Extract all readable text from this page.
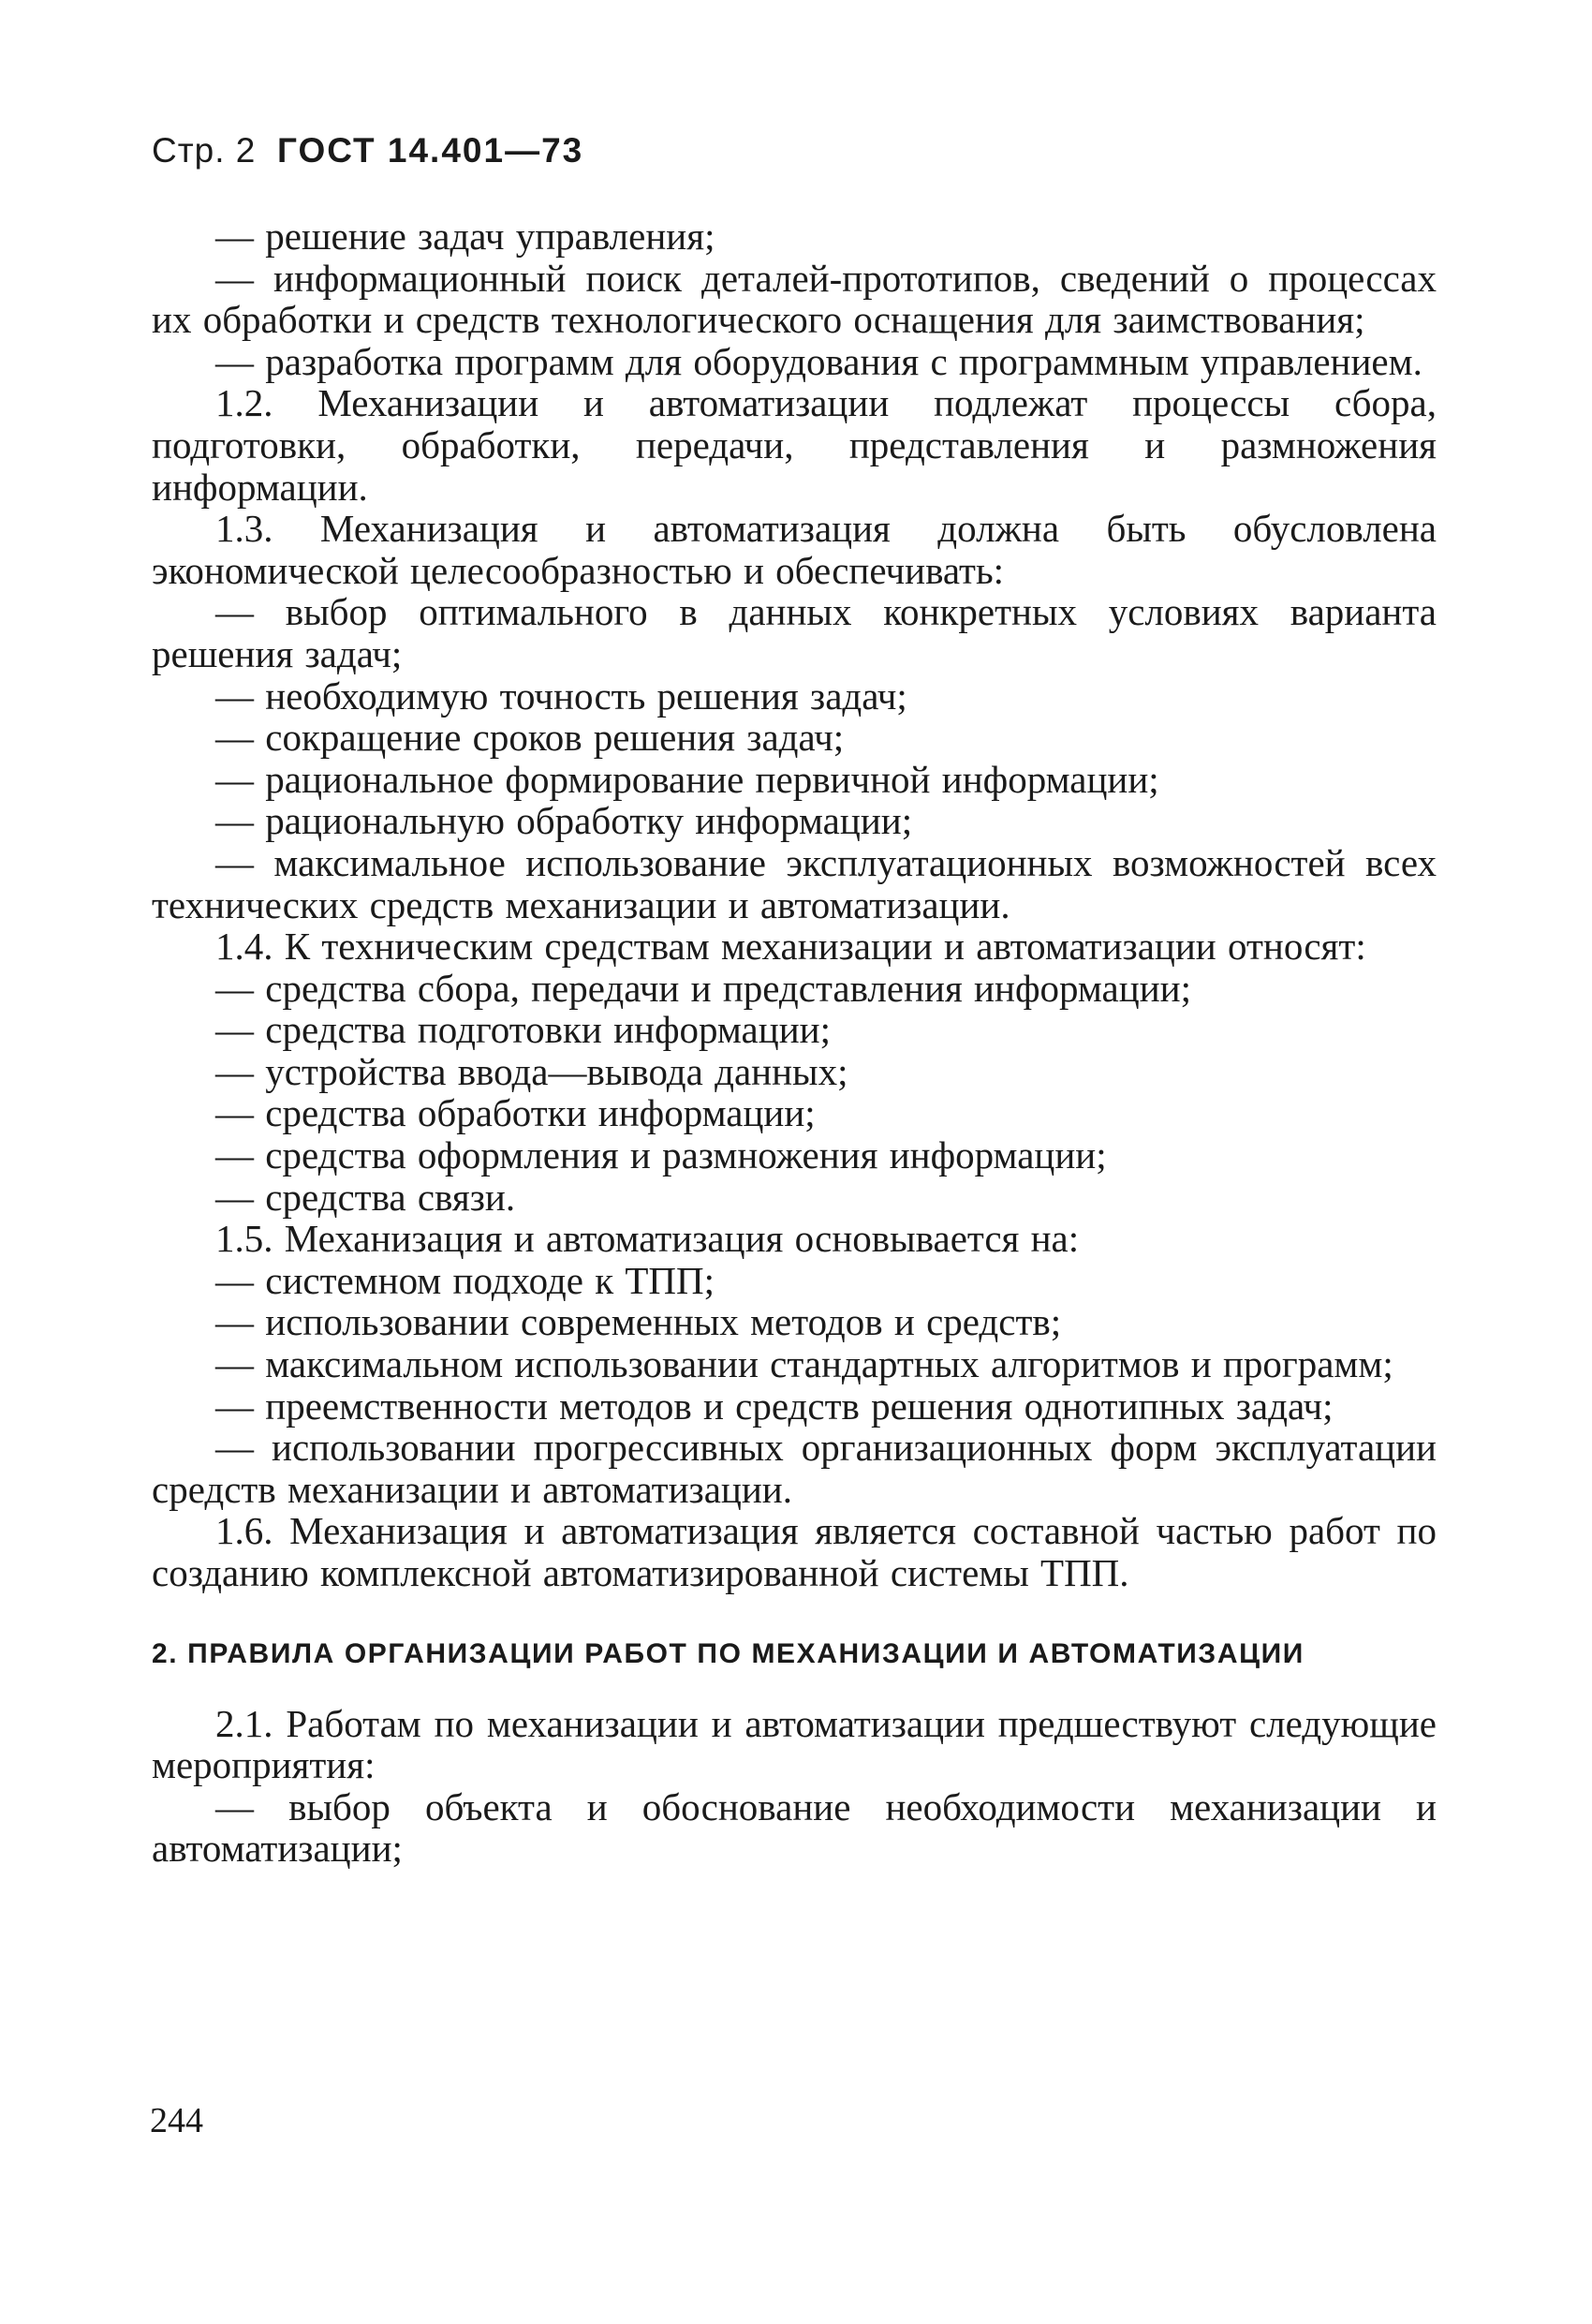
Стр. 2 ГОСТ 14.401—73

— решение задач управления;

— информационный поиск деталей-прототипов, сведений о процессах их обработки и средств технологического оснащения для заимствования;

— разработка программ для оборудования с программным управлением.

1.2. Механизации и автоматизации подлежат процессы сбора, подготовки, обработки, передачи, представления и размножения информации.

1.3. Механизация и автоматизация должна быть обусловлена экономической целесообразностью и обеспечивать:

— выбор оптимального в данных конкретных условиях варианта решения задач;

— необходимую точность решения задач;

— сокращение сроков решения задач;

— рациональное формирование первичной информации;

— рациональную обработку информации;

— максимальное использование эксплуатационных возможностей всех технических средств механизации и автоматизации.

1.4. К техническим средствам механизации и автоматизации относят:

— средства сбора, передачи и представления информации;

— средства подготовки информации;

— устройства ввода—вывода данных;

— средства обработки информации;

— средства оформления и размножения информации;

— средства связи.

1.5. Механизация и автоматизация основывается на:

— системном подходе к ТПП;

— использовании современных методов и средств;

— максимальном использовании стандартных алгоритмов и программ;

— преемственности методов и средств решения однотипных задач;

— использовании прогрессивных организационных форм эксплуатации средств механизации и автоматизации.

1.6. Механизация и автоматизация является составной частью работ по созданию комплексной автоматизированной системы ТПП.

2. ПРАВИЛА ОРГАНИЗАЦИИ РАБОТ ПО МЕХАНИЗАЦИИ И АВТОМАТИЗАЦИИ

2.1. Работам по механизации и автоматизации предшествуют следующие мероприятия:

— выбор объекта и обоснование необходимости механизации и автоматизации;

244
